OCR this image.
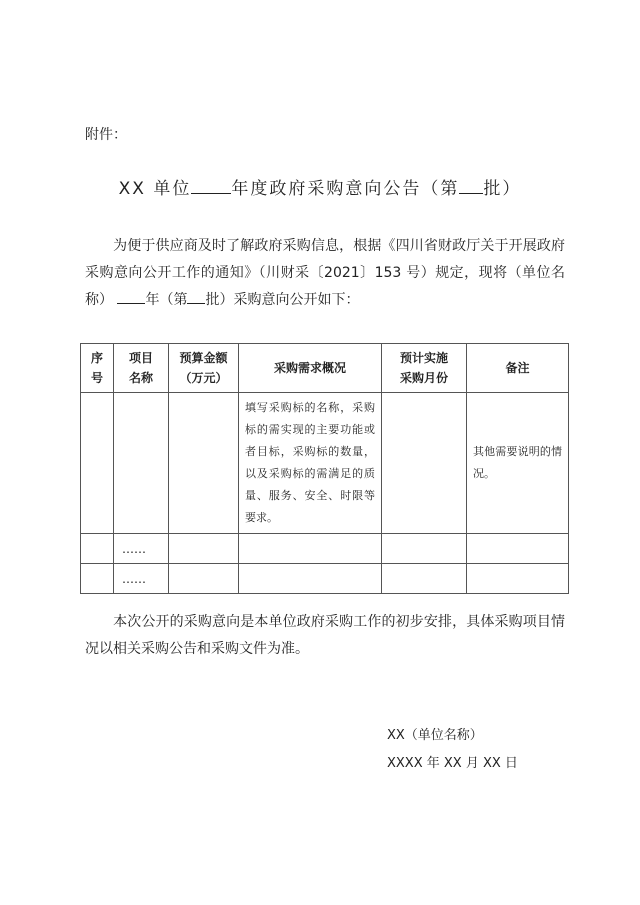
附件：
XX 单位 年度政府采购意向公告（第 批）
为便于供应商及时了解政府采购信息，根据《四川省财政厅关于开展政府采购意向公开工作的通知》（川财采〔2021〕153 号）规定，现将（单位名称） 年（第 批）采购意向公开如下：
序号	项目名称	预算金额（万元）	采购需求概况	预计实施采购月份	备注
			填写采购标的名称，采购标的需实现的主要功能或者目标，采购标的数量，以及采购标的需满足的质量、服务、安全、时限等要求。		其他需要说明的情况。
	……				
	……				
本次公开的采购意向是本单位政府采购工作的初步安排，具体采购项目情况以相关采购公告和采购文件为准。
XX（单位名称）
XXXX 年 XX 月 XX 日
